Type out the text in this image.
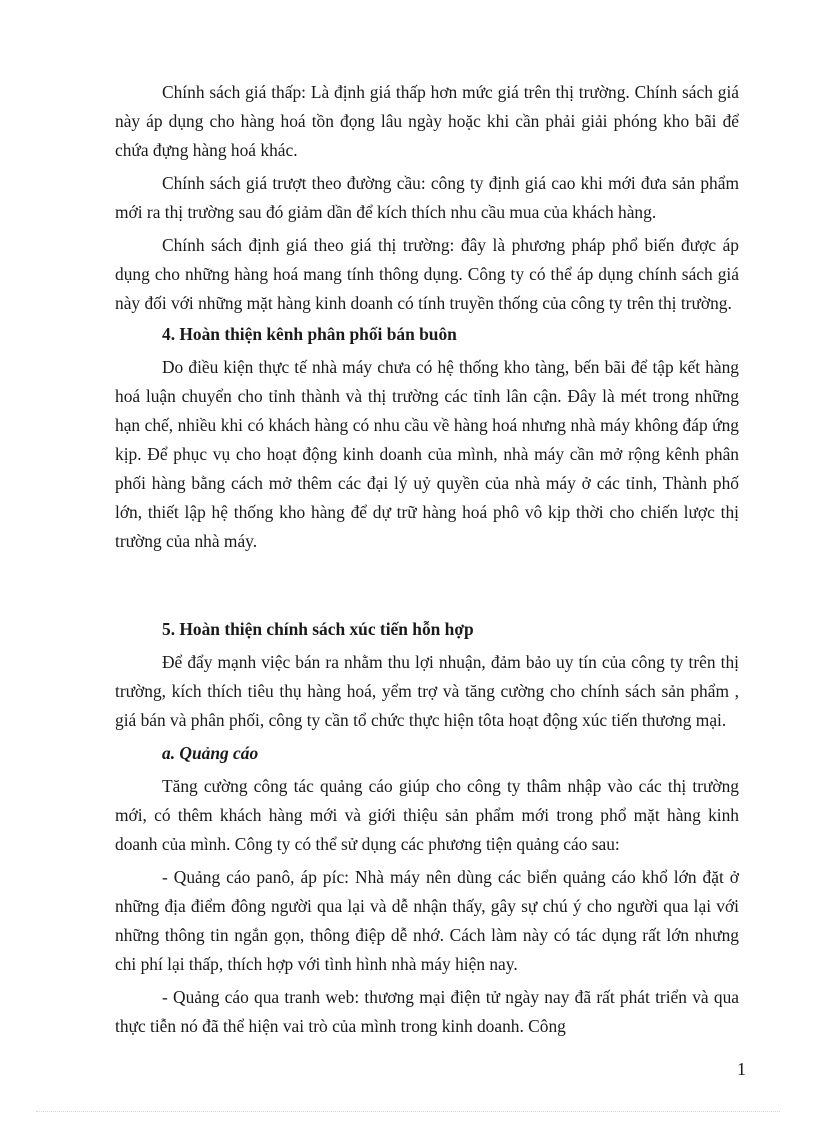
Chính sách giá thấp: Là định giá thấp hơn mức giá trên thị trường. Chính sách giá này áp dụng cho hàng hoá tồn đọng lâu ngày hoặc khi cần phải giải phóng kho bãi để chứa đựng hàng hoá khác.

Chính sách giá trượt theo đường cầu: công ty định giá cao khi mới đưa sản phẩm mới ra thị trường sau đó giảm dần để kích thích nhu cầu mua của khách hàng.

Chính sách định giá theo giá thị trường: đây là phương pháp phổ biến được áp dụng cho những hàng hoá mang tính thông dụng. Công ty có thể áp dụng chính sách giá này đối với những mặt hàng kinh doanh có tính truyền thống của công ty trên thị trường.

4. Hoàn thiện kênh phân phối bán buôn

Do điều kiện thực tế nhà máy chưa có hệ thống kho tàng, bến bãi để tập kết hàng hoá luận chuyển cho tỉnh thành và thị trường các tỉnh lân cận. Đây là mét trong những hạn chế, nhiều khi có khách hàng có nhu cầu về hàng hoá nhưng nhà máy không đáp ứng kịp. Để phục vụ cho hoạt động kinh doanh của mình, nhà máy cần mở rộng kênh phân phối hàng bằng cách mở thêm các đại lý uỷ quyền của nhà máy ở các tỉnh, Thành phố lớn, thiết lập hệ thống kho hàng để dự trữ hàng hoá phô vô kịp thời cho chiến lược thị trường của nhà máy.

5. Hoàn thiện chính sách xúc tiến hỗn hợp

Để đẩy mạnh việc bán ra nhằm thu lợi nhuận, đảm bảo uy tín của công ty trên thị trường, kích thích tiêu thụ hàng hoá, yểm trợ và tăng cường cho chính sách sản phẩm , giá bán và phân phối, công ty cần tổ chức thực hiện tôta hoạt động xúc tiến thương mại.

a. Quảng cáo

Tăng cường công tác quảng cáo giúp cho công ty thâm nhập vào các thị trường mới, có thêm khách hàng mới và giới thiệu sản phẩm mới trong phổ mặt hàng kinh doanh của mình. Công ty có thể sử dụng các phương tiện quảng cáo sau:

- Quảng cáo panô, áp píc: Nhà máy nên dùng các biển quảng cáo khổ lớn đặt ở những địa điểm đông người qua lại và dễ nhận thấy, gây sự chú ý cho người qua lại với những thông tin ngắn gọn, thông điệp dễ nhớ. Cách làm này có tác dụng rất lớn nhưng chi phí lại thấp, thích hợp với tình hình nhà máy hiện nay.

- Quảng cáo qua tranh web: thương mại điện tử ngày nay đã rất phát triển và qua thực tiễn nó đã thể hiện vai trò của mình trong kinh doanh. Công

1
